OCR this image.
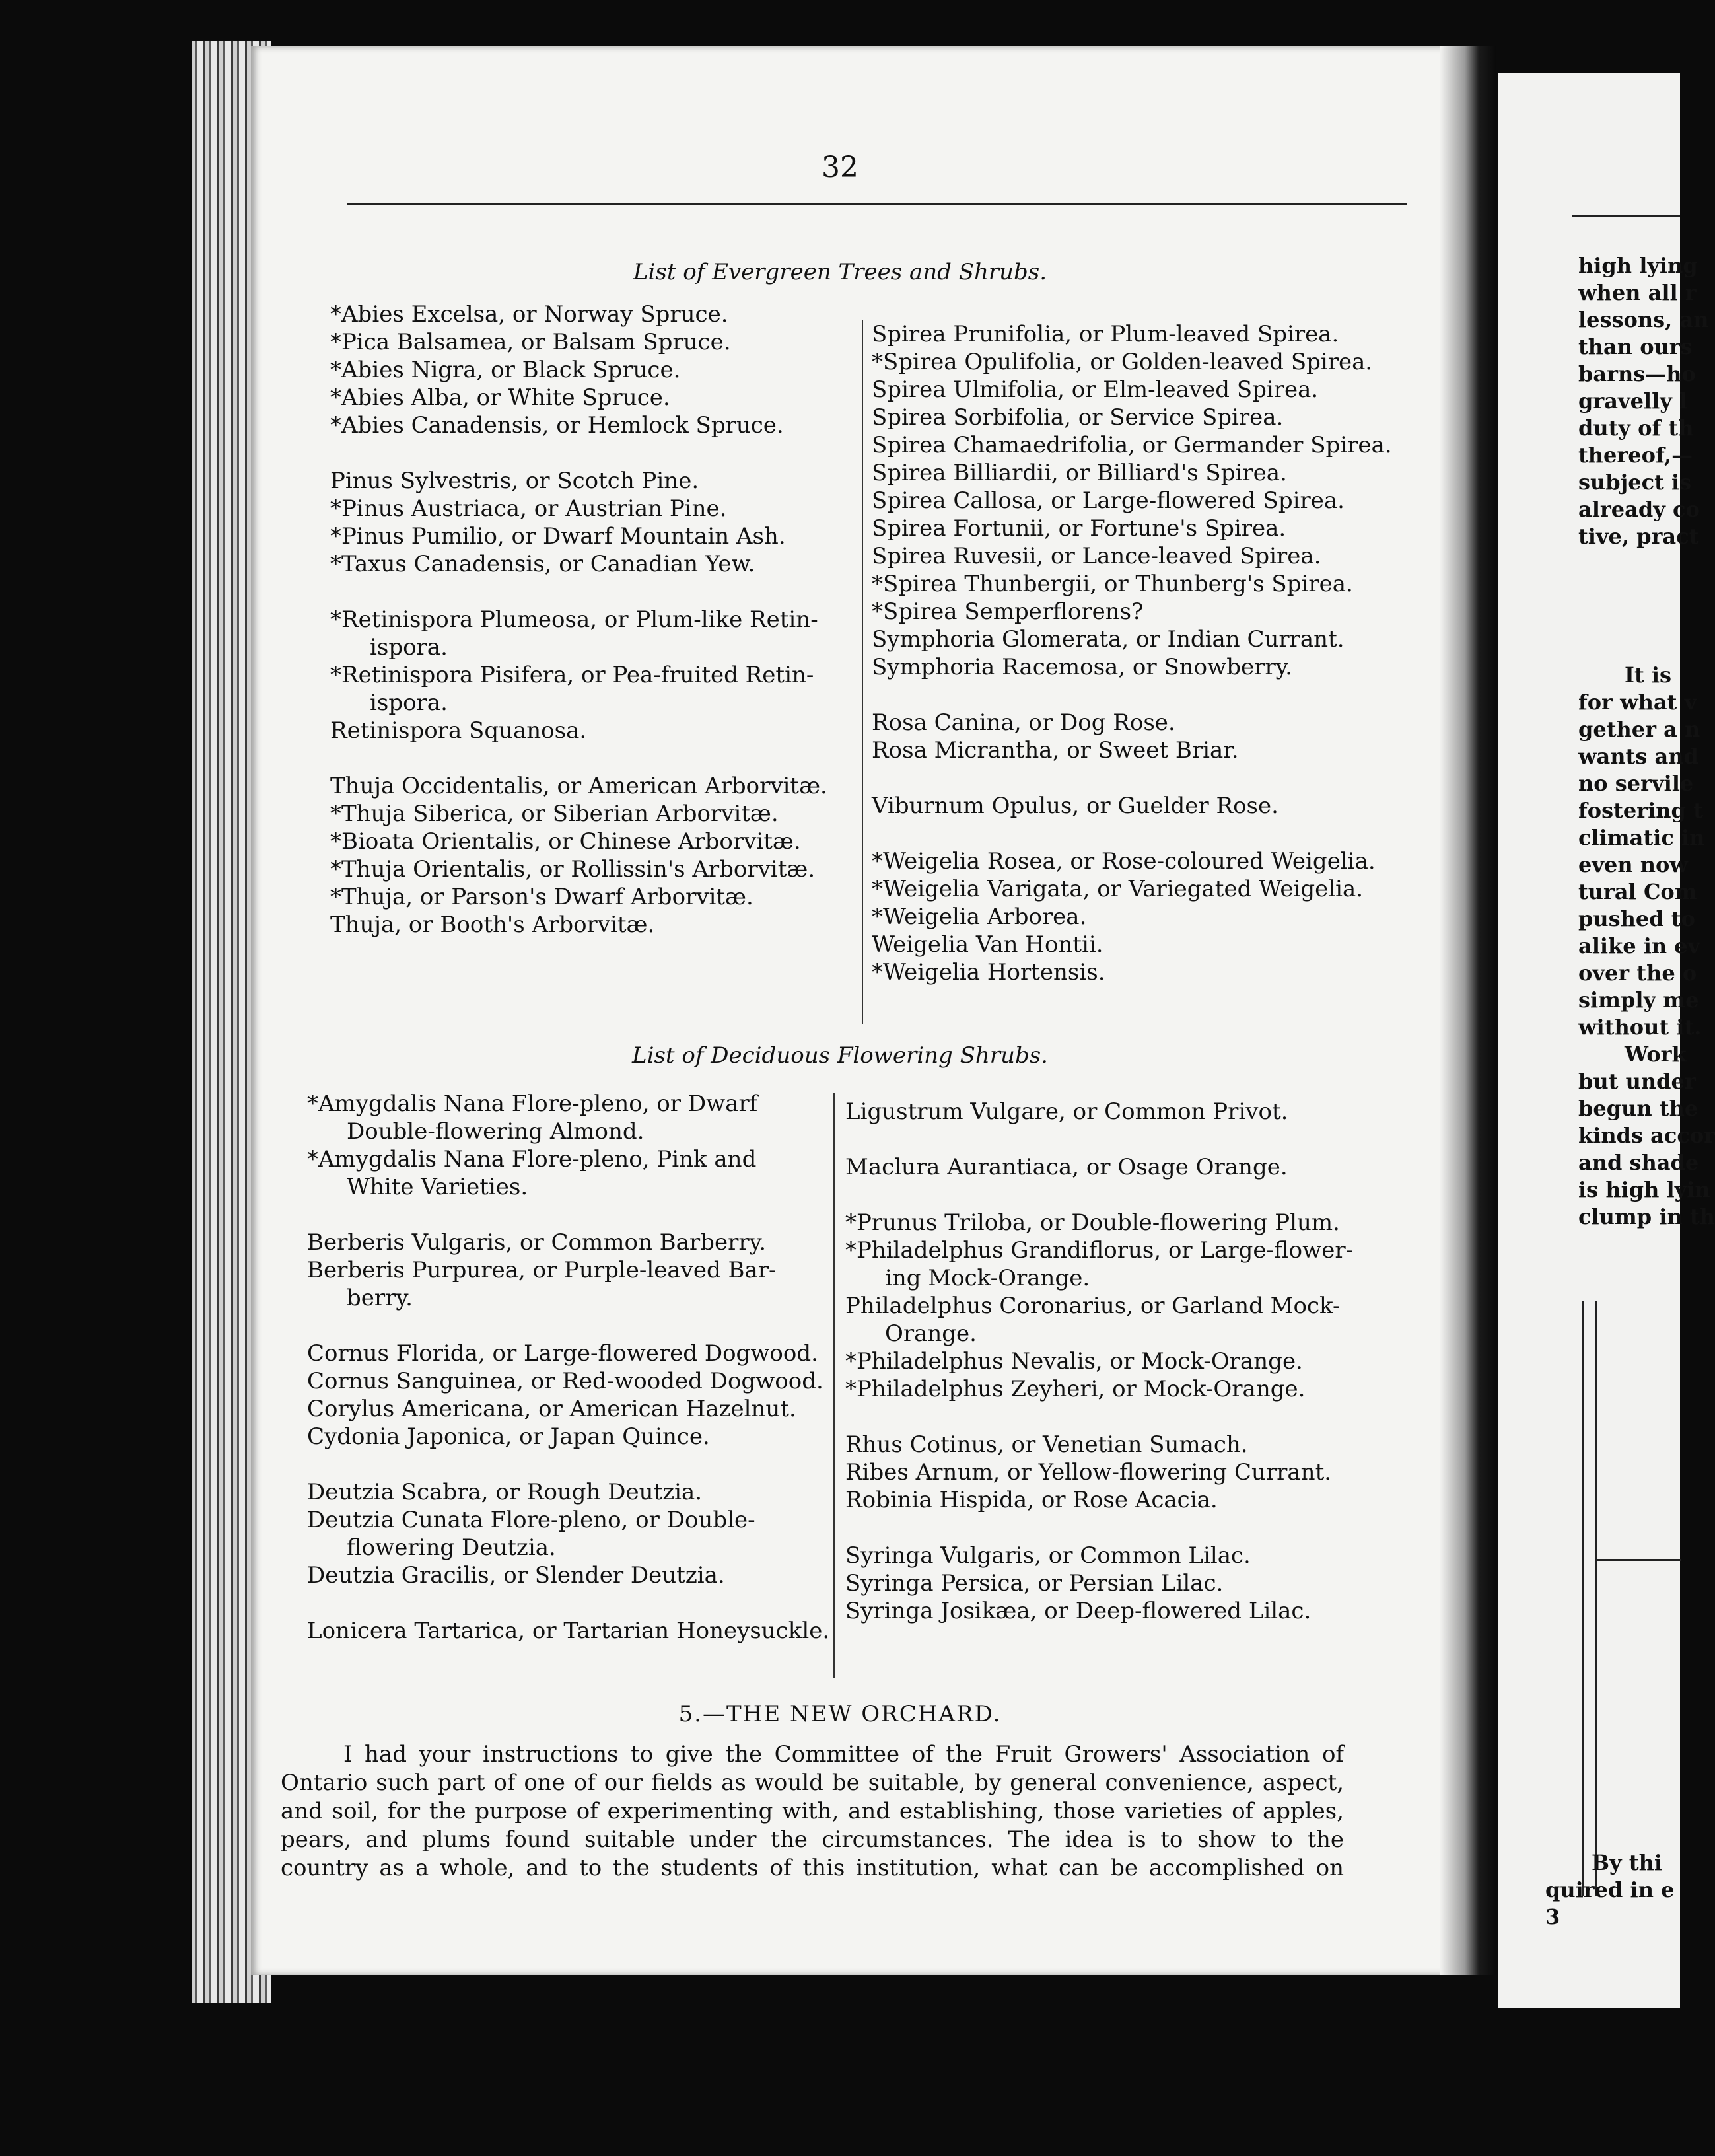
32
List of Evergreen Trees and Shrubs.
*Abies Excelsa, or Norway Spruce.
*Pica Balsamea, or Balsam Spruce.
*Abies Nigra, or Black Spruce.
*Abies Alba, or White Spruce.
*Abies Canadensis, or Hemlock Spruce.
Pinus Sylvestris, or Scotch Pine.
*Pinus Austriaca, or Austrian Pine.
*Pinus Pumilio, or Dwarf Mountain Ash.
*Taxus Canadensis, or Canadian Yew.
*Retinispora Plumeosa, or Plum-like Retin-
ispora.
*Retinispora Pisifera, or Pea-fruited Retin-
ispora.
Retinispora Squanosa.
Thuja Occidentalis, or American Arborvitæ.
*Thuja Siberica, or Siberian Arborvitæ.
*Bioata Orientalis, or Chinese Arborvitæ.
*Thuja Orientalis, or Rollissin's Arborvitæ.
*Thuja, or Parson's Dwarf Arborvitæ.
Thuja, or Booth's Arborvitæ.
Spirea Prunifolia, or Plum-leaved Spirea.
*Spirea Opulifolia, or Golden-leaved Spirea.
Spirea Ulmifolia, or Elm-leaved Spirea.
Spirea Sorbifolia, or Service Spirea.
Spirea Chamaedrifolia, or Germander Spirea.
Spirea Billiardii, or Billiard's Spirea.
Spirea Callosa, or Large-flowered Spirea.
Spirea Fortunii, or Fortune's Spirea.
Spirea Ruvesii, or Lance-leaved Spirea.
*Spirea Thunbergii, or Thunberg's Spirea.
*Spirea Semperflorens?
Symphoria Glomerata, or Indian Currant.
Symphoria Racemosa, or Snowberry.
Rosa Canina, or Dog Rose.
Rosa Micrantha, or Sweet Briar.
Viburnum Opulus, or Guelder Rose.
*Weigelia Rosea, or Rose-coloured Weigelia.
*Weigelia Varigata, or Variegated Weigelia.
*Weigelia Arborea.
Weigelia Van Hontii.
*Weigelia Hortensis.
List of Deciduous Flowering Shrubs.
*Amygdalis Nana Flore-pleno, or Dwarf
Double-flowering Almond.
*Amygdalis Nana Flore-pleno, Pink and
White Varieties.
Berberis Vulgaris, or Common Barberry.
Berberis Purpurea, or Purple-leaved Bar-
berry.
Cornus Florida, or Large-flowered Dogwood.
Cornus Sanguinea, or Red-wooded Dogwood.
Corylus Americana, or American Hazelnut.
Cydonia Japonica, or Japan Quince.
Deutzia Scabra, or Rough Deutzia.
Deutzia Cunata Flore-pleno, or Double-
flowering Deutzia.
Deutzia Gracilis, or Slender Deutzia.
Lonicera Tartarica, or Tartarian Honeysuckle.
Ligustrum Vulgare, or Common Privot.
Maclura Aurantiaca, or Osage Orange.
*Prunus Triloba, or Double-flowering Plum.
*Philadelphus Grandiflorus, or Large-flower-
ing Mock-Orange.
Philadelphus Coronarius, or Garland Mock-
Orange.
*Philadelphus Nevalis, or Mock-Orange.
*Philadelphus Zeyheri, or Mock-Orange.
Rhus Cotinus, or Venetian Sumach.
Ribes Arnum, or Yellow-flowering Currant.
Robinia Hispida, or Rose Acacia.
Syringa Vulgaris, or Common Lilac.
Syringa Persica, or Persian Lilac.
Syringa Josikæa, or Deep-flowered Lilac.
5.—THE NEW ORCHARD.
I had your instructions to give the Committee of the Fruit Growers' Association of
Ontario such part of one of our fields as would be suitable, by general convenience, aspect,
and soil, for the purpose of experimenting with, and establishing, those varieties of apples,
pears, and plums found suitable under the circumstances. The idea is to show to the
country as a whole, and to the students of this institution, what can be accomplished on
high lying
when all r
lessons, an
than ours
barns—ho
gravelly l
duty of th
thereof,—
subject is
already co
tive, pract
It is
for what v
gether a n
wants and
no servile
fostering t
climatic in
even now
tural Com
pushed to
alike in ev
over the o
simply me
without it.
Work
but under
begun the
kinds accor
and shade
is high lyin
clump in th
By thi
quired in e
3
